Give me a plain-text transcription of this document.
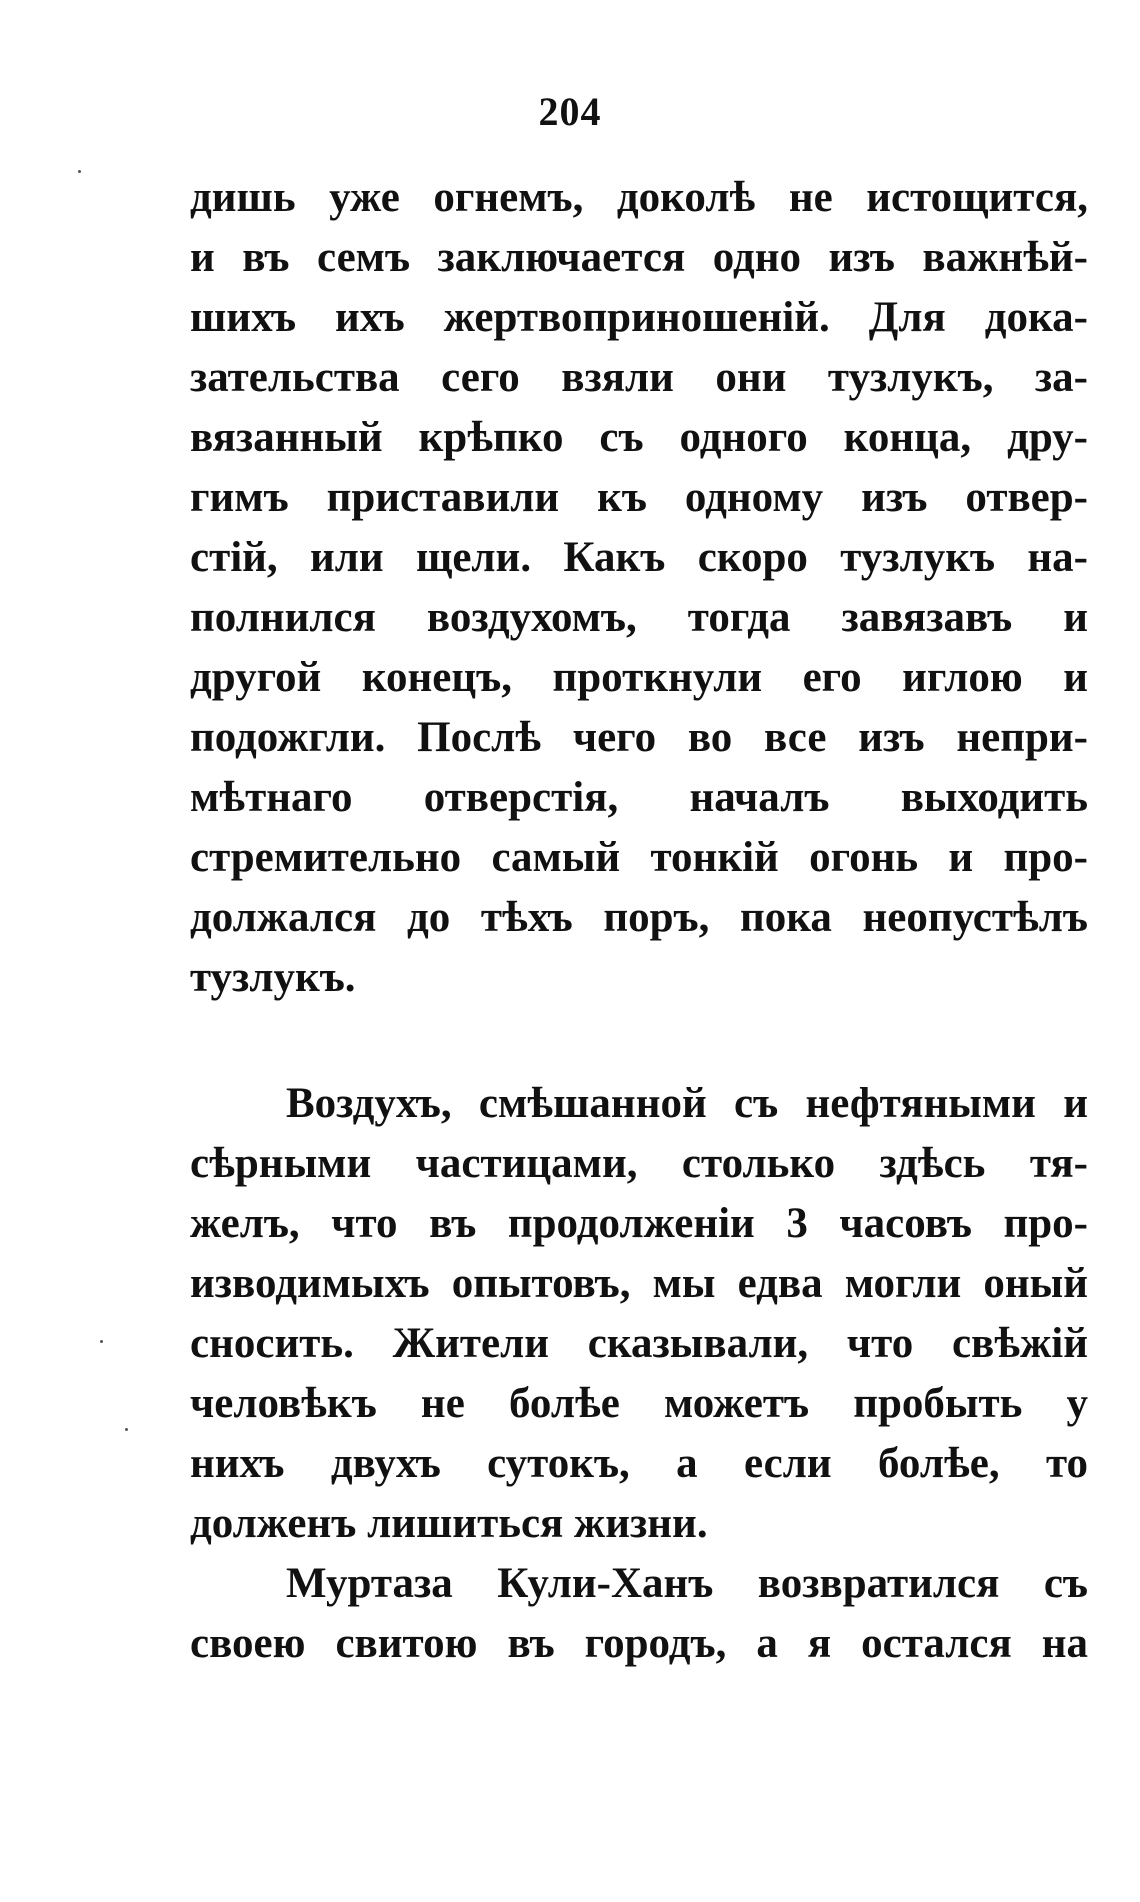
204
дишь уже огнемъ, доколѣ не истощится,
и въ семъ заключается одно изъ важнѣй-
шихъ ихъ жертвоприношеній. Для дока-
зательства сего взяли они тузлукъ, за-
вязанный крѣпко съ одного конца, дру-
гимъ приставили къ одному изъ отвер-
стій, или щели. Какъ скоро тузлукъ на-
полнился воздухомъ, тогда завязавъ и
другой конецъ, проткнули его иглою и
подожгли. Послѣ чего во все изъ непри-
мѣтнаго отверстія, началъ выходить
стремительно самый тонкій огонь и про-
должался до тѣхъ поръ, пока неопустѣлъ
тузлукъ.
Воздухъ, смѣшанной съ нефтяными и
сѣрными частицами, столько здѣсь тя-
желъ, что въ продолженіи 3 часовъ про-
изводимыхъ опытовъ, мы едва могли оный
сносить. Жители сказывали, что свѣжій
человѣкъ не болѣе можетъ пробыть у
нихъ двухъ сутокъ, а если болѣе, то
долженъ лишиться жизни.
Муртаза Кули-Ханъ возвратился съ
своею свитою въ городъ, а я остался на
